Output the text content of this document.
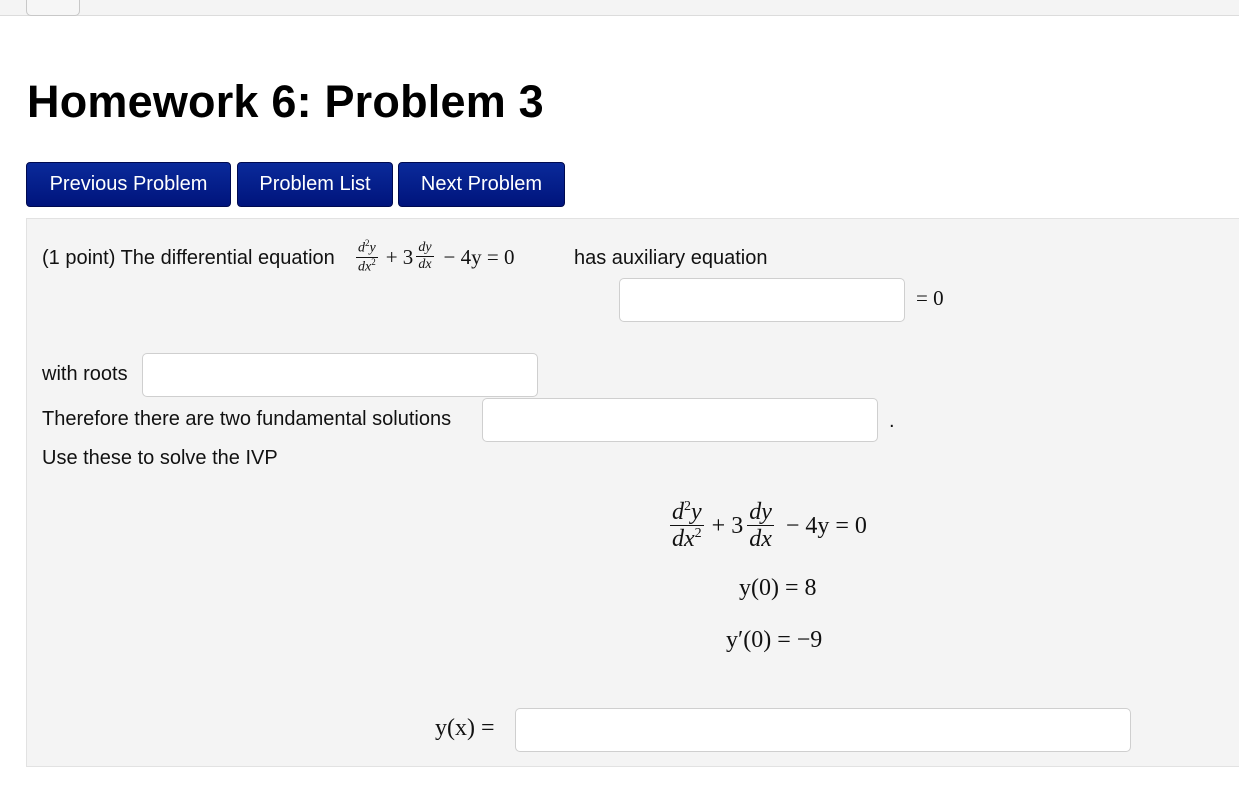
Homework 6: Problem 3
Previous Problem	Problem List	Next Problem
(1 point) The differential equation $\frac{d^2y}{dx^2} + 3 \frac{dy}{dx} - 4y = 0$	has auxiliary equation
= 0
with roots
Therefore there are two fundamental solutions	.
Use these to solve the IVP
$\frac{d^2y}{dx^2} + 3 \frac{dy}{dx} - 4y = 0$
y(0) = 8
y′(0) = −9
y(x) =
